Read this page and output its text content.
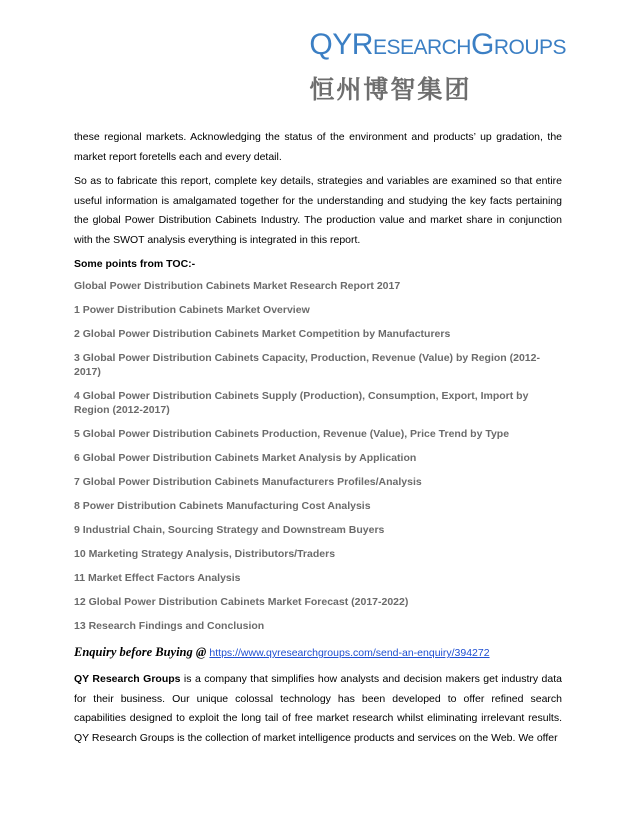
QYRESEARCHGROUPS
恒州博智集团

these regional markets. Acknowledging the status of the environment and products’ up gradation, the market report foretells each and every detail.

So as to fabricate this report, complete key details, strategies and variables are examined so that entire useful information is amalgamated together for the understanding and studying the key facts pertaining the global Power Distribution Cabinets Industry. The production value and market share in conjunction with the SWOT analysis everything is integrated in this report.

Some points from TOC:-

Global Power Distribution Cabinets Market Research Report 2017

1 Power Distribution Cabinets Market Overview

2 Global Power Distribution Cabinets Market Competition by Manufacturers

3 Global Power Distribution Cabinets Capacity, Production, Revenue (Value) by Region (2012-2017)

4 Global Power Distribution Cabinets Supply (Production), Consumption, Export, Import by Region (2012-2017)

5 Global Power Distribution Cabinets Production, Revenue (Value), Price Trend by Type

6 Global Power Distribution Cabinets Market Analysis by Application

7 Global Power Distribution Cabinets Manufacturers Profiles/Analysis

8 Power Distribution Cabinets Manufacturing Cost Analysis

9 Industrial Chain, Sourcing Strategy and Downstream Buyers

10 Marketing Strategy Analysis, Distributors/Traders

11 Market Effect Factors Analysis

12 Global Power Distribution Cabinets Market Forecast (2017-2022)

13 Research Findings and Conclusion

Enquiry before Buying @ https://www.qyresearchgroups.com/send-an-enquiry/394272

QY Research Groups is a company that simplifies how analysts and decision makers get industry data for their business. Our unique colossal technology has been developed to offer refined search capabilities designed to exploit the long tail of free market research whilst eliminating irrelevant results. QY Research Groups is the collection of market intelligence products and services on the Web. We offer
